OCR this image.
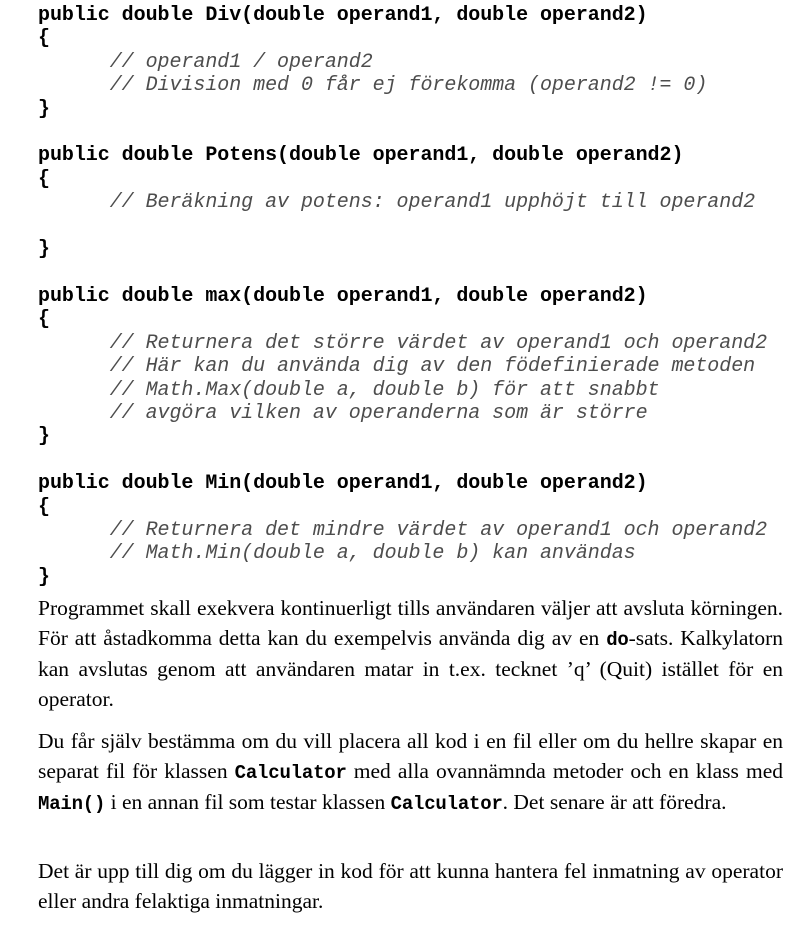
public double Div(double operand1, double operand2)
{
// operand1 / operand2
// Division med 0 får ej förekomma (operand2 != 0)
}

public double Potens(double operand1, double operand2)
{
// Beräkning av potens: operand1 upphöjt till operand2

}

public double max(double operand1, double operand2)
{
// Returnera det större värdet av operand1 och operand2
// Här kan du använda dig av den födefinierade metoden
// Math.Max(double a, double b) för att snabbt
// avgöra vilken av operanderna som är större
}

public double Min(double operand1, double operand2)
{
// Returnera det mindre värdet av operand1 och operand2
// Math.Min(double a, double b) kan användas
}

Programmet skall exekvera kontinuerligt tills användaren väljer att avsluta körningen. För att åstadkomma detta kan du exempelvis använda dig av en do-sats. Kalkylatorn kan avslutas genom att användaren matar in t.ex. tecknet ’q’ (Quit) istället för en operator.

Du får själv bestämma om du vill placera all kod i en fil eller om du hellre skapar en separat fil för klassen Calculator med alla ovannämnda metoder och en klass med Main() i en annan fil som testar klassen Calculator. Det senare är att föredra.

Det är upp till dig om du lägger in kod för att kunna hantera fel inmatning av operator eller andra felaktiga inmatningar.
